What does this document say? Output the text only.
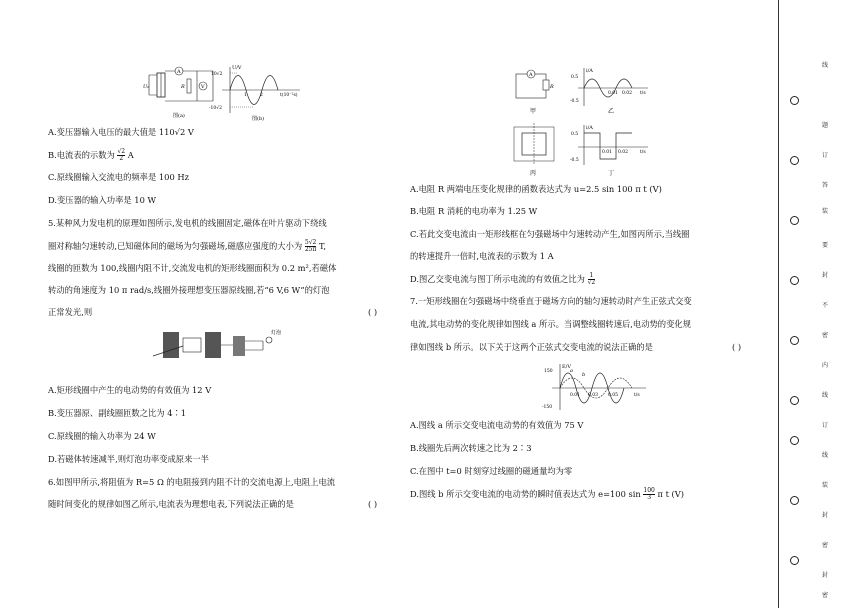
A
V
R
U₀
图(a)
U/V
10√2
-10√2
1	2	t(10⁻²s)
图(b)
A.变压器输入电压的最大值是 110√2 V
B.电流表的示数为 $\frac{√2}{2}$ A
C.原线圈输入交流电的频率是 100 Hz
D.变压器的输入功率是 10 W
5.某种风力发电机的原理如图所示,发电机的线圈固定,磁体在叶片驱动下绕线
圈对称轴匀速转动,已知磁体间的磁场为匀强磁场,磁感应强度的大小为 $\frac{5√2}{25\pi} T$,
线圈的匝数为 100,线圈内阻不计,交流发电机的矩形线圈面积为 0.2 m²,若磁体
转动的角速度为 10 π rad/s,线圈外接理想变压器原线圈,若“6 V,6 W”的灯泡
正常发光,则	( )
灯泡
A.矩形线圈中产生的电动势的有效值为 12 V
B.变压器原、副线圈匝数之比为 4∶1
C.原线圈的输入功率为 24 W
D.若磁体转速减半,则灯泡功率变成原来一半
6.如图甲所示,将阻值为 R=5 Ω 的电阻接到内阻不计的交流电源上,电阻上电流
随时间变化的规律如图乙所示,电流表为理想电表,下列说法正确的是	( )
A
R
甲
i/A
0.5
-0.5
0.01 0.02 t/s
乙
丙
i/A
0.5
-0.5
0.01 0.02	t/s
丁
A.电阻 R 两端电压变化规律的函数表达式为 u=2.5 sin 100 π t (V)
B.电阻 R 消耗的电功率为 1.25 W
C.若此交变电流由一矩形线框在匀强磁场中匀速转动产生,如图丙所示,当线圈
的转速提升一倍时,电流表的示数为 1 A
D.图乙交变电流与图丁所示电流的有效值之比为 $\frac{1}{√2}$
7.一矩形线圈在匀强磁场中绕垂直于磁场方向的轴匀速转动时产生正弦式交变
电流,其电动势的变化规律如图线 a 所示。当调整线圈转速后,电动势的变化规
律如图线 b 所示。以下关于这两个正弦式交变电流的说法正确的是	( )
E/V
150
-150
0.01 0.03 0.05	t/s
a
b
A.图线 a 所示交变电流电动势的有效值为 75 V
B.线圈先后两次转速之比为 2∶3
C.在图中 t=0 时刻穿过线圈的磁通量均为零
D.图线 b 所示交变电流的电动势的瞬时值表达式为 e=100 $\sin \frac{100}{3}$ π t (V)
线
题
订
答
装
要
封
不
密
内
线
订
线
装
封
密
封
密
